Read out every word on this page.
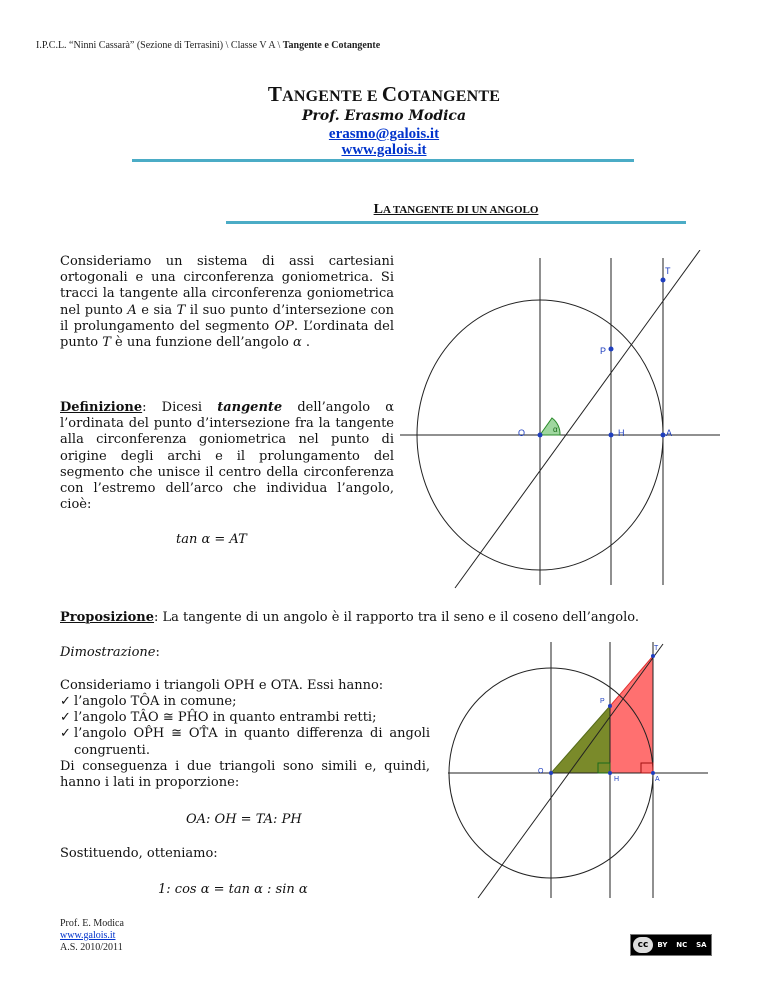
I.P.C.L. “Ninni Cassarà” (Sezione di Terrasini) \ Classe V A \ Tangente e Cotangente
TANGENTE E COTANGENTE
Prof. Erasmo Modica
erasmo@galois.it
www.galois.it
LA TANGENTE DI UN ANGOLO
Consideriamo un sistema di assi cartesiani ortogonali e una circonferenza goniometrica. Si tracci la tangente alla circonferenza goniometrica nel punto A e sia T il suo punto d’intersezione con il prolungamento del segmento OP. L’ordinata del punto T è una funzione dell’angolo α .
Definizione: Dicesi tangente dell’angolo α l’ordinata del punto d’intersezione fra la tangente alla circonferenza goniometrica nel punto di origine degli archi e il prolungamento del segmento che unisce il centro della circonferenza con l’estremo dell’arco che individua l’angolo, cioè:
tan α = AT
T
P
O	H	A
α
Proposizione: La tangente di un angolo è il rapporto tra il seno e il coseno dell’angolo.
Dimostrazione:
Consideriamo i triangoli OPH e OTA. Essi hanno:
✓ l’angolo TÔA in comune;
✓ l’angolo TÂO ≅ PĤO in quanto entrambi retti;
✓ l’angolo OP̂H ≅ OT̂A in quanto differenza di angoli congruenti.
Di conseguenza i due triangoli sono simili e, quindi, hanno i lati in proporzione:
OA: OH = TA: PH
Sostituendo, otteniamo:
1: cos α = tan α : sin α
T
P
O
H	A
Prof. E. Modica
www.galois.it
A.S. 2010/2011	cc	BY NC SA
